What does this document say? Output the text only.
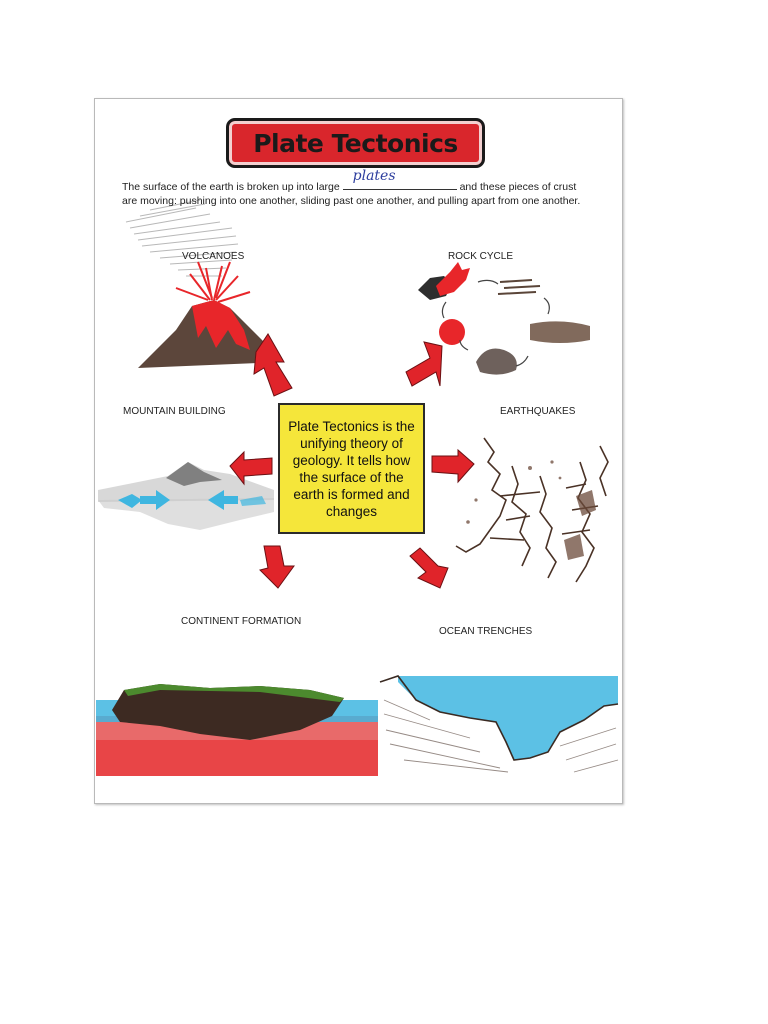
Plate Tectonics
The surface of the earth is broken up into large
plates
and these pieces of crust are moving: pushing into one another, sliding past one another, and pulling apart from one another.
VOLCANOES	ROCK CYCLE
MOUNTAIN BUILDING	EARTHQUAKES
CONTINENT FORMATION
OCEAN TRENCHES
Plate Tectonics is the unifying theory of geology. It tells how the surface of the earth is formed and changes
